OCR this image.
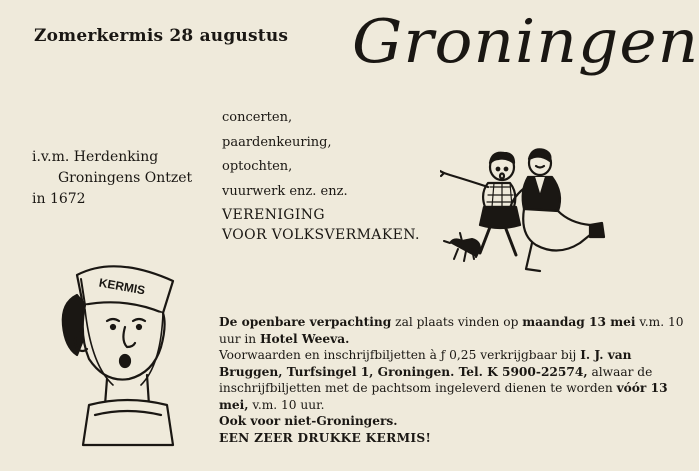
Zomerkermis 28 augustus Groningen
concerten,
paardenkeuring,
optochten,
vuurwerk enz. enz.
i.v.m. Herdenking
Groningens Ontzet
in 1672
VERENIGING
VOOR VOLKSVERMAKEN.
KERMIS
De openbare verpachting zal plaats vinden op maandag 13 mei v.m. 10 uur in Hotel Weeva.
Voorwaarden en inschrijfbiljetten à ƒ 0,25 verkrijgbaar bij I. J. van Bruggen, Turfsingel 1, Groningen. Tel. K 5900-22574, alwaar de inschrijfbiljetten met de pachtsom ingeleverd dienen te worden vóór 13 mei, v.m. 10 uur.
Ook voor niet-Groningers.
EEN ZEER DRUKKE KERMIS!
